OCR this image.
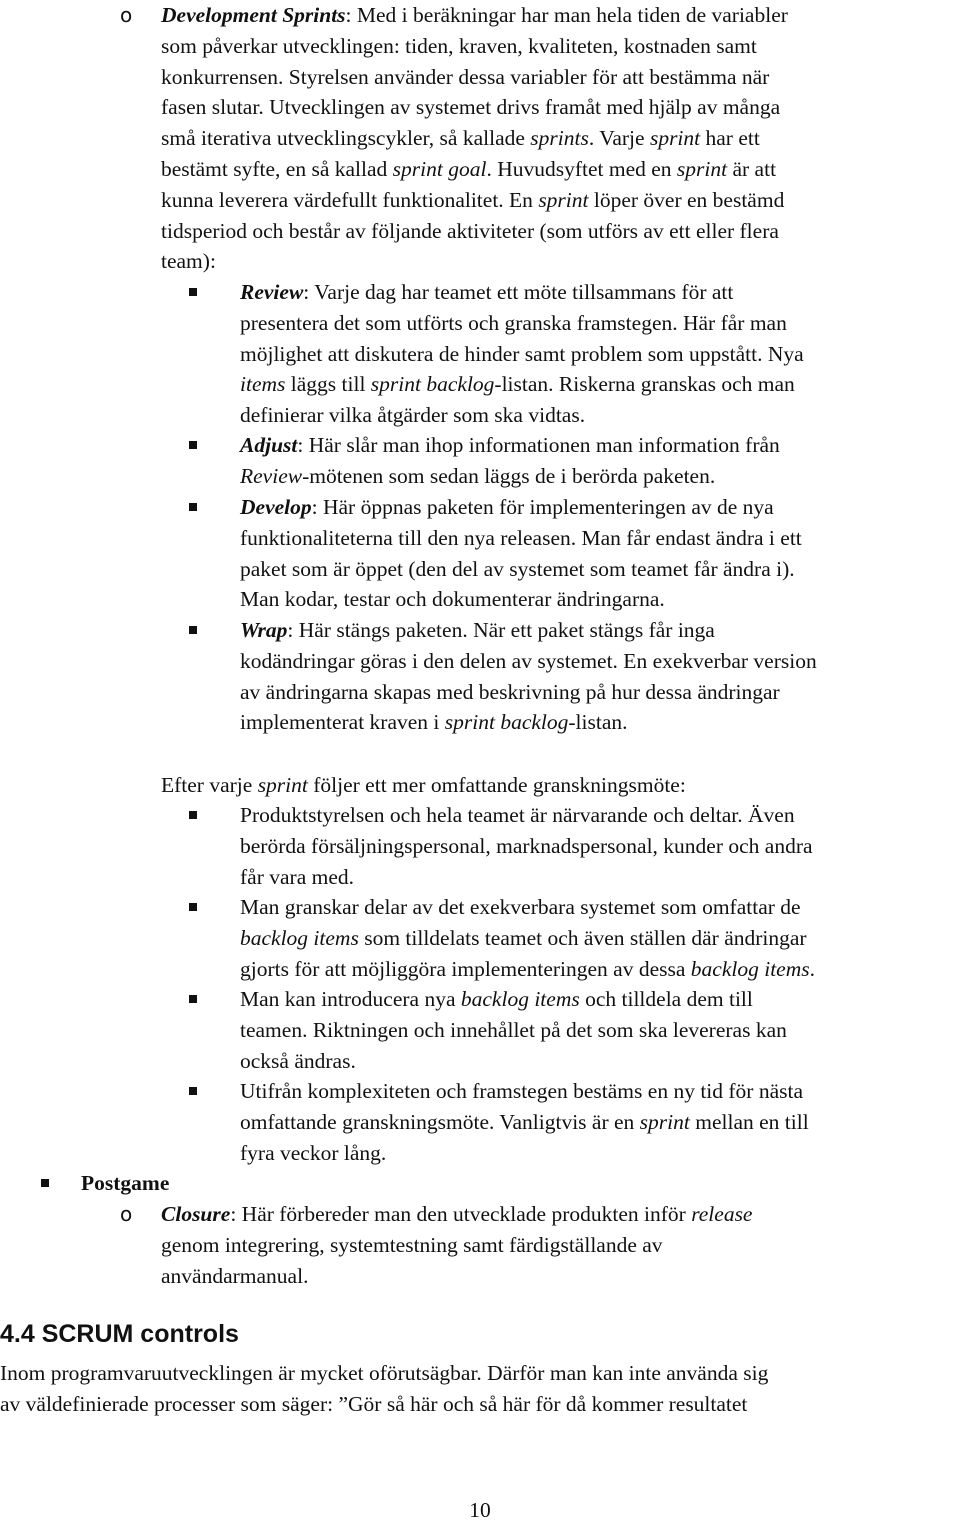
o Development Sprints: Med i beräkningar har man hela tiden de variabler
som påverkar utvecklingen: tiden, kraven, kvaliteten, kostnaden samt
konkurrensen. Styrelsen använder dessa variabler för att bestämma när
fasen slutar. Utvecklingen av systemet drivs framåt med hjälp av många
små iterativa utvecklingscykler, så kallade sprints. Varje sprint har ett
bestämt syfte, en så kallad sprint goal. Huvudsyftet med en sprint är att
kunna leverera värdefullt funktionalitet. En sprint löper över en bestämd
tidsperiod och består av följande aktiviteter (som utförs av ett eller flera
team):
Review: Varje dag har teamet ett möte tillsammans för att
presentera det som utförts och granska framstegen. Här får man
möjlighet att diskutera de hinder samt problem som uppstått. Nya
items läggs till sprint backlog-listan. Riskerna granskas och man
definierar vilka åtgärder som ska vidtas.
Adjust: Här slår man ihop informationen man information från
Review-mötenen som sedan läggs de i berörda paketen.
Develop: Här öppnas paketen för implementeringen av de nya
funktionaliteterna till den nya releasen. Man får endast ändra i ett
paket som är öppet (den del av systemet som teamet får ändra i).
Man kodar, testar och dokumenterar ändringarna.
Wrap: Här stängs paketen. När ett paket stängs får inga
kodändringar göras i den delen av systemet. En exekverbar version
av ändringarna skapas med beskrivning på hur dessa ändringar
implementerat kraven i sprint backlog-listan.
Efter varje sprint följer ett mer omfattande granskningsmöte:
Produktstyrelsen och hela teamet är närvarande och deltar. Även
berörda försäljningspersonal, marknadspersonal, kunder och andra
får vara med.
Man granskar delar av det exekverbara systemet som omfattar de
backlog items som tilldelats teamet och även ställen där ändringar
gjorts för att möjliggöra implementeringen av dessa backlog items.
Man kan introducera nya backlog items och tilldela dem till
teamen. Riktningen och innehållet på det som ska levereras kan
också ändras.
Utifrån komplexiteten och framstegen bestäms en ny tid för nästa
omfattande granskningsmöte. Vanligtvis är en sprint mellan en till
fyra veckor lång.
Postgame
o Closure: Här förbereder man den utvecklade produkten inför release
genom integrering, systemtestning samt färdigställande av
användarmanual.
4.4 SCRUM controls
Inom programvaruutvecklingen är mycket oförutsägbar. Därför man kan inte använda sig
av väldefinierade processer som säger: ”Gör så här och så här för då kommer resultatet
10
